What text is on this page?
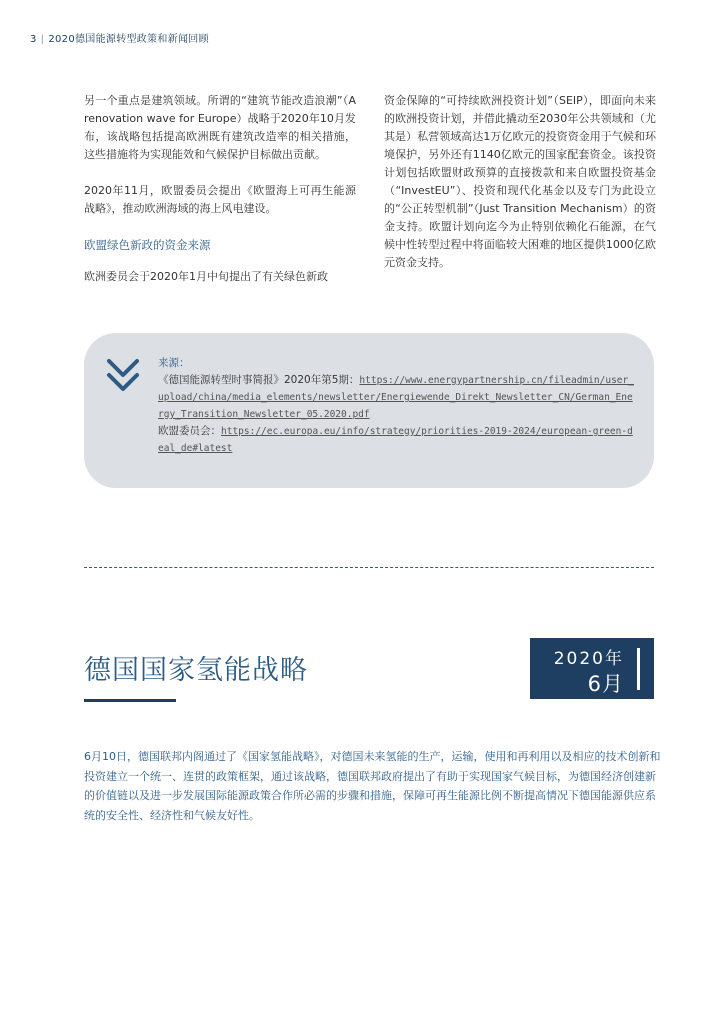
3 | 2020德国能源转型政策和新闻回顾

另一个重点是建筑领域。所谓的“建筑节能改造浪潮”（A renovation wave for Europe）战略于2020年10月发布，该战略包括提高欧洲既有建筑改造率的相关措施，这些措施将为实现能效和气候保护目标做出贡献。

2020年11月，欧盟委员会提出《欧盟海上可再生能源战略》，推动欧洲海域的海上风电建设。

欧盟绿色新政的资金来源

欧洲委员会于2020年1月中旬提出了有关绿色新政

资金保障的“可持续欧洲投资计划”（SEIP），即面向未来的欧洲投资计划，并借此撬动至2030年公共领域和（尤其是）私营领域高达1万亿欧元的投资资金用于气候和环境保护，另外还有1140亿欧元的国家配套资金。该投资计划包括欧盟财政预算的直接拨款和来自欧盟投资基金（“InvestEU”）、投资和现代化基金以及专门为此设立的“公正转型机制”（Just Transition Mechanism）的资金支持。欧盟计划向迄今为止特别依赖化石能源，在气候中性转型过程中将面临较大困难的地区提供1000亿欧元资金支持。

来源：
《德国能源转型时事简报》2020年第5期：https://www.energypartnership.cn/fileadmin/user_upload/china/media_elements/newsletter/Energiewende_Direkt_Newsletter_CN/German_Energy_Transition_Newsletter_05.2020.pdf
欧盟委员会：https://ec.europa.eu/info/strategy/priorities-2019-2024/european-green-deal_de#latest
德国国家氢能战略	2020年
6月

6月10日，德国联邦内阁通过了《国家氢能战略》，对德国未来氢能的生产，运输，使用和再利用以及相应的技术创新和投资建立一个统一、连贯的政策框架，通过该战略，德国联邦政府提出了有助于实现国家气候目标，为德国经济创建新的价值链以及进一步发展国际能源政策合作所必需的步骤和措施，保障可再生能源比例不断提高情况下德国能源供应系统的安全性、经济性和气候友好性。
